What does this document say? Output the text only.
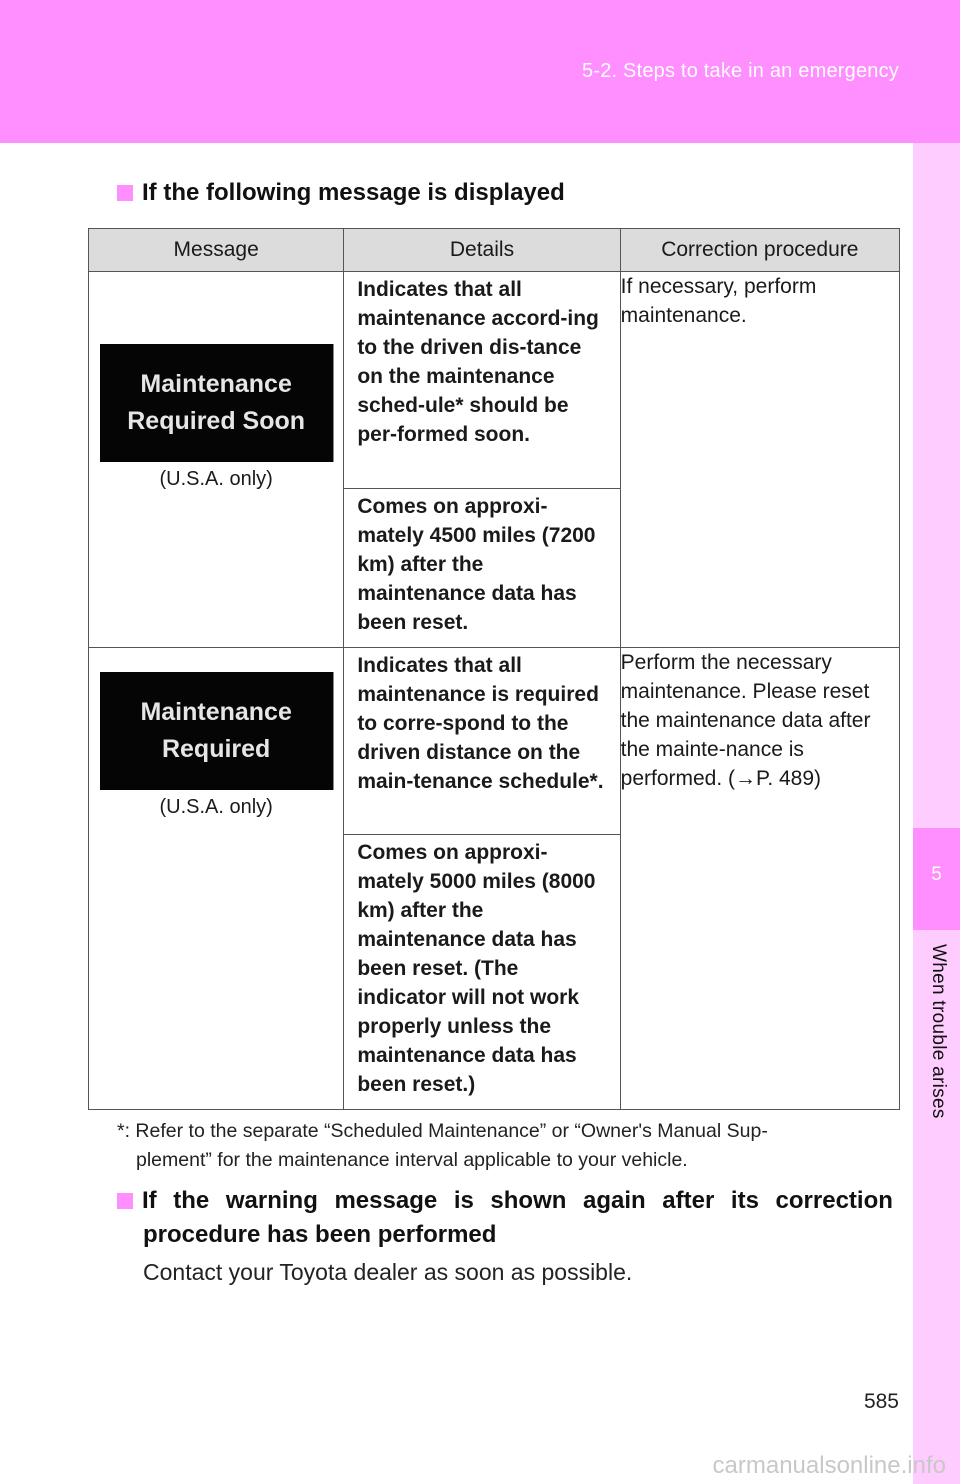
5-2. Steps to take in an emergency
5
When trouble arises
If the following message is displayed
Message	Details	Correction procedure

Maintenance
Required Soon
(U.S.A. only)	Indicates that all maintenance accord-ing to the driven dis-tance on the maintenance sched-ule* should be per-formed soon.	If necessary, perform maintenance.

	Comes on approxi-mately 4500 miles (7200 km) after the maintenance data has been reset.	

Maintenance
Required
(U.S.A. only)	Indicates that all maintenance is required to corre-spond to the driven distance on the main-tenance schedule*.	Perform the necessary maintenance. Please reset the maintenance data after the mainte-nance is performed. (→P. 489)

	Comes on approxi-mately 5000 miles (8000 km) after the maintenance data has been reset. (The indicator will not work properly unless the maintenance data has been reset.)	
*: Refer to the separate “Scheduled Maintenance” or “Owner's Manual Sup-
plement” for the maintenance interval applicable to your vehicle.
If the warning message is shown again after its correction
procedure has been performed
Contact your Toyota dealer as soon as possible.
585
carmanualsonline.info
